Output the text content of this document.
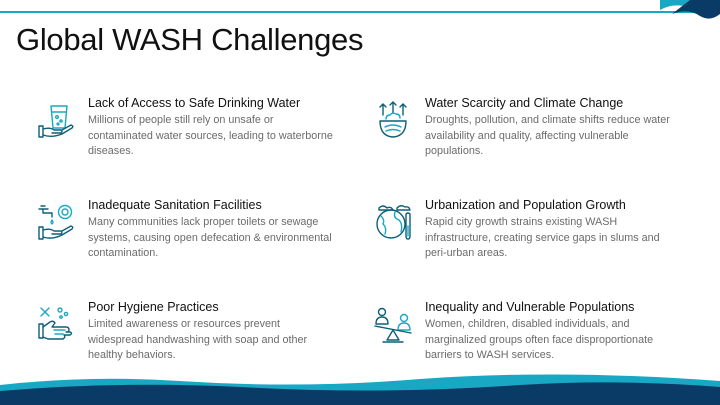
Global WASH Challenges
Lack of Access to Safe Drinking Water

Millions of people still rely on unsafe or contaminated water sources, leading to waterborne diseases.

Water Scarcity and Climate Change

Droughts, pollution, and climate shifts reduce water availability and quality, affecting vulnerable populations.

Inadequate Sanitation Facilities

Many communities lack proper toilets or sewage systems, causing open defecation & environmental contamination.

Urbanization and Population Growth

Rapid city growth strains existing WASH infrastructure, creating service gaps in slums and peri-urban areas.

Poor Hygiene Practices

Limited awareness or resources prevent widespread handwashing with soap and other healthy behaviors.

Inequality and Vulnerable Populations

Women, children, disabled individuals, and marginalized groups often face disproportionate barriers to WASH services.
